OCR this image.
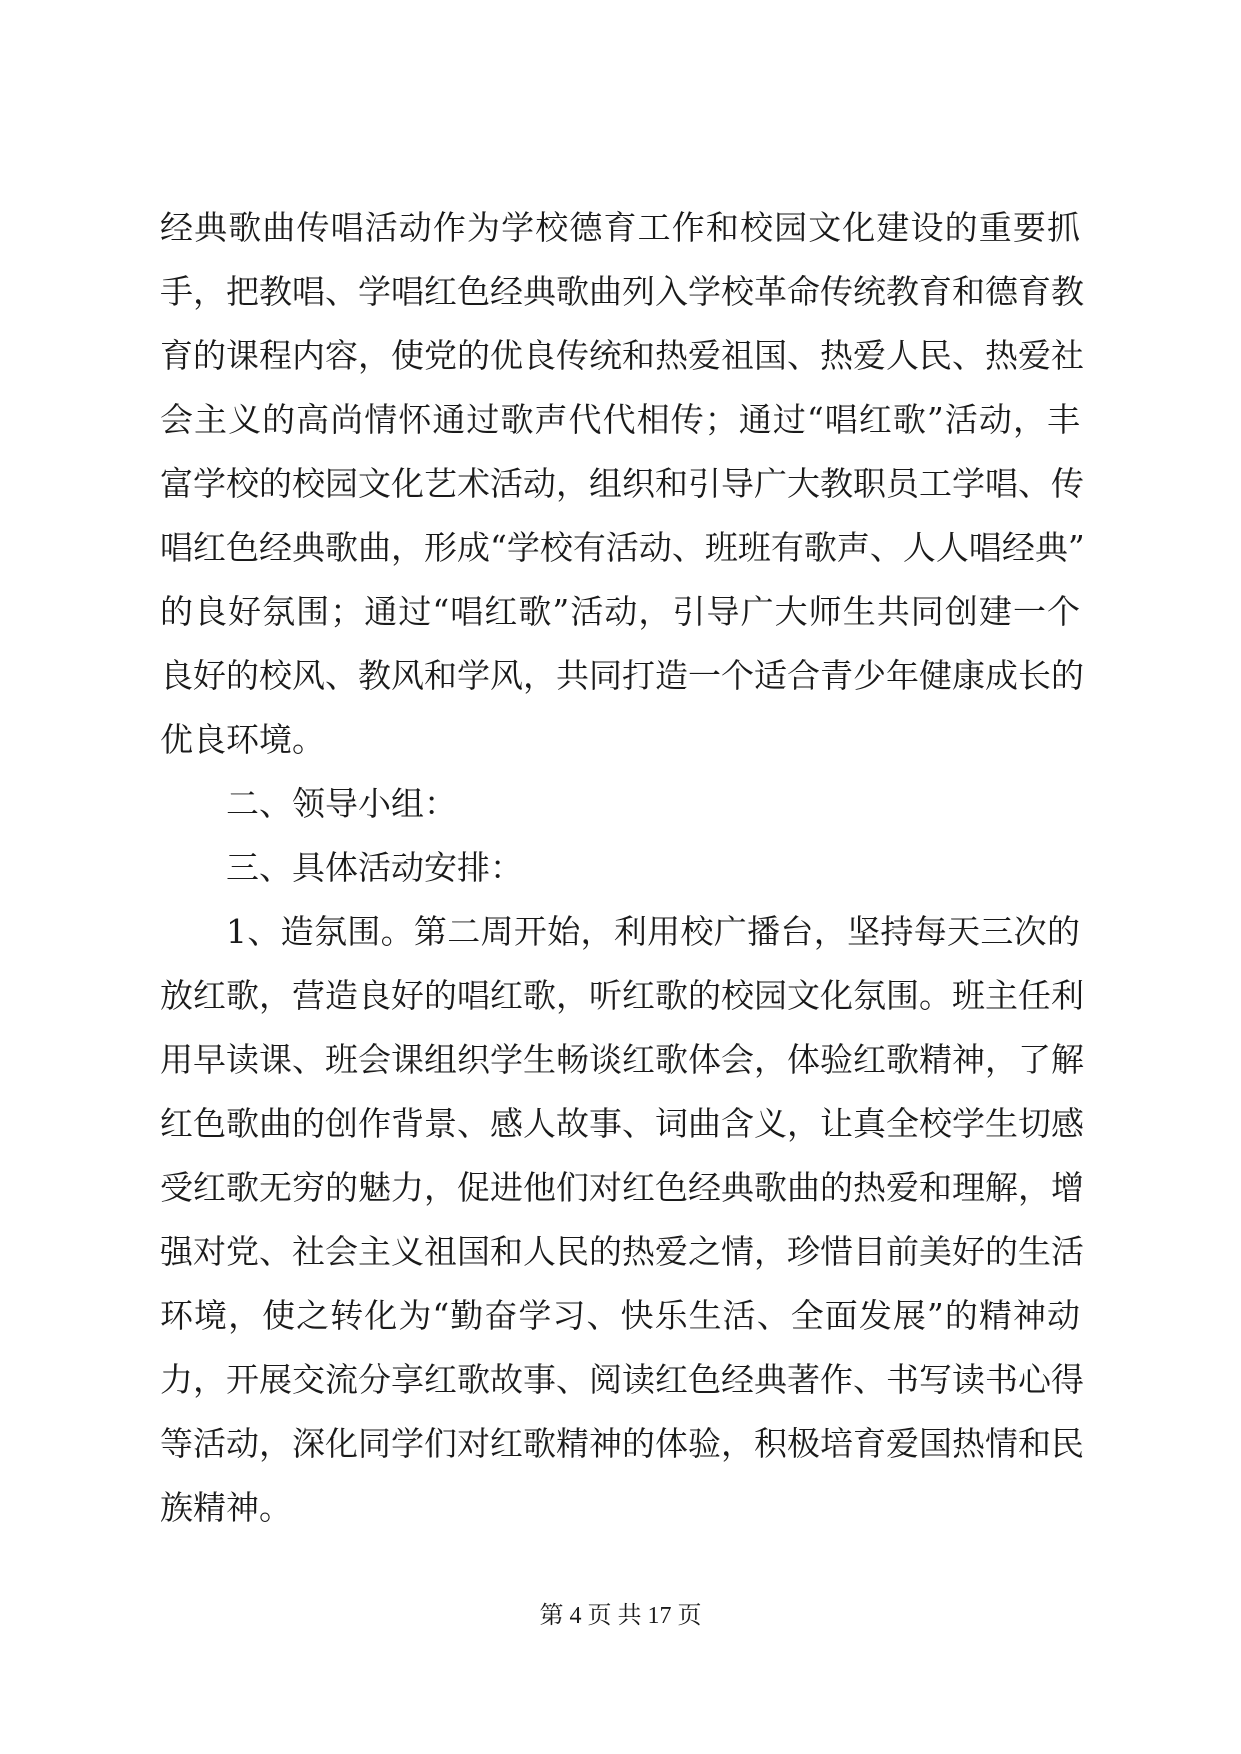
经典歌曲传唱活动作为学校德育工作和校园文化建设的重要抓
手，把教唱、学唱红色经典歌曲列入学校革命传统教育和德育教
育的课程内容，使党的优良传统和热爱祖国、热爱人民、热爱社
会主义的高尚情怀通过歌声代代相传；通过“唱红歌”活动，丰
富学校的校园文化艺术活动，组织和引导广大教职员工学唱、传
唱红色经典歌曲，形成“学校有活动、班班有歌声、人人唱经典”
的良好氛围；通过“唱红歌”活动，引导广大师生共同创建一个
良好的校风、教风和学风，共同打造一个适合青少年健康成长的
优良环境。
二、领导小组：
三、具体活动安排：
1、造氛围。第二周开始，利用校广播台，坚持每天三次的
放红歌，营造良好的唱红歌，听红歌的校园文化氛围。班主任利
用早读课、班会课组织学生畅谈红歌体会，体验红歌精神，了解
红色歌曲的创作背景、感人故事、词曲含义，让真全校学生切感
受红歌无穷的魅力，促进他们对红色经典歌曲的热爱和理解，增
强对党、社会主义祖国和人民的热爱之情，珍惜目前美好的生活
环境，使之转化为“勤奋学习、快乐生活、全面发展”的精神动
力，开展交流分享红歌故事、阅读红色经典著作、书写读书心得
等活动，深化同学们对红歌精神的体验，积极培育爱国热情和民
族精神。
第 4 页 共 17 页
